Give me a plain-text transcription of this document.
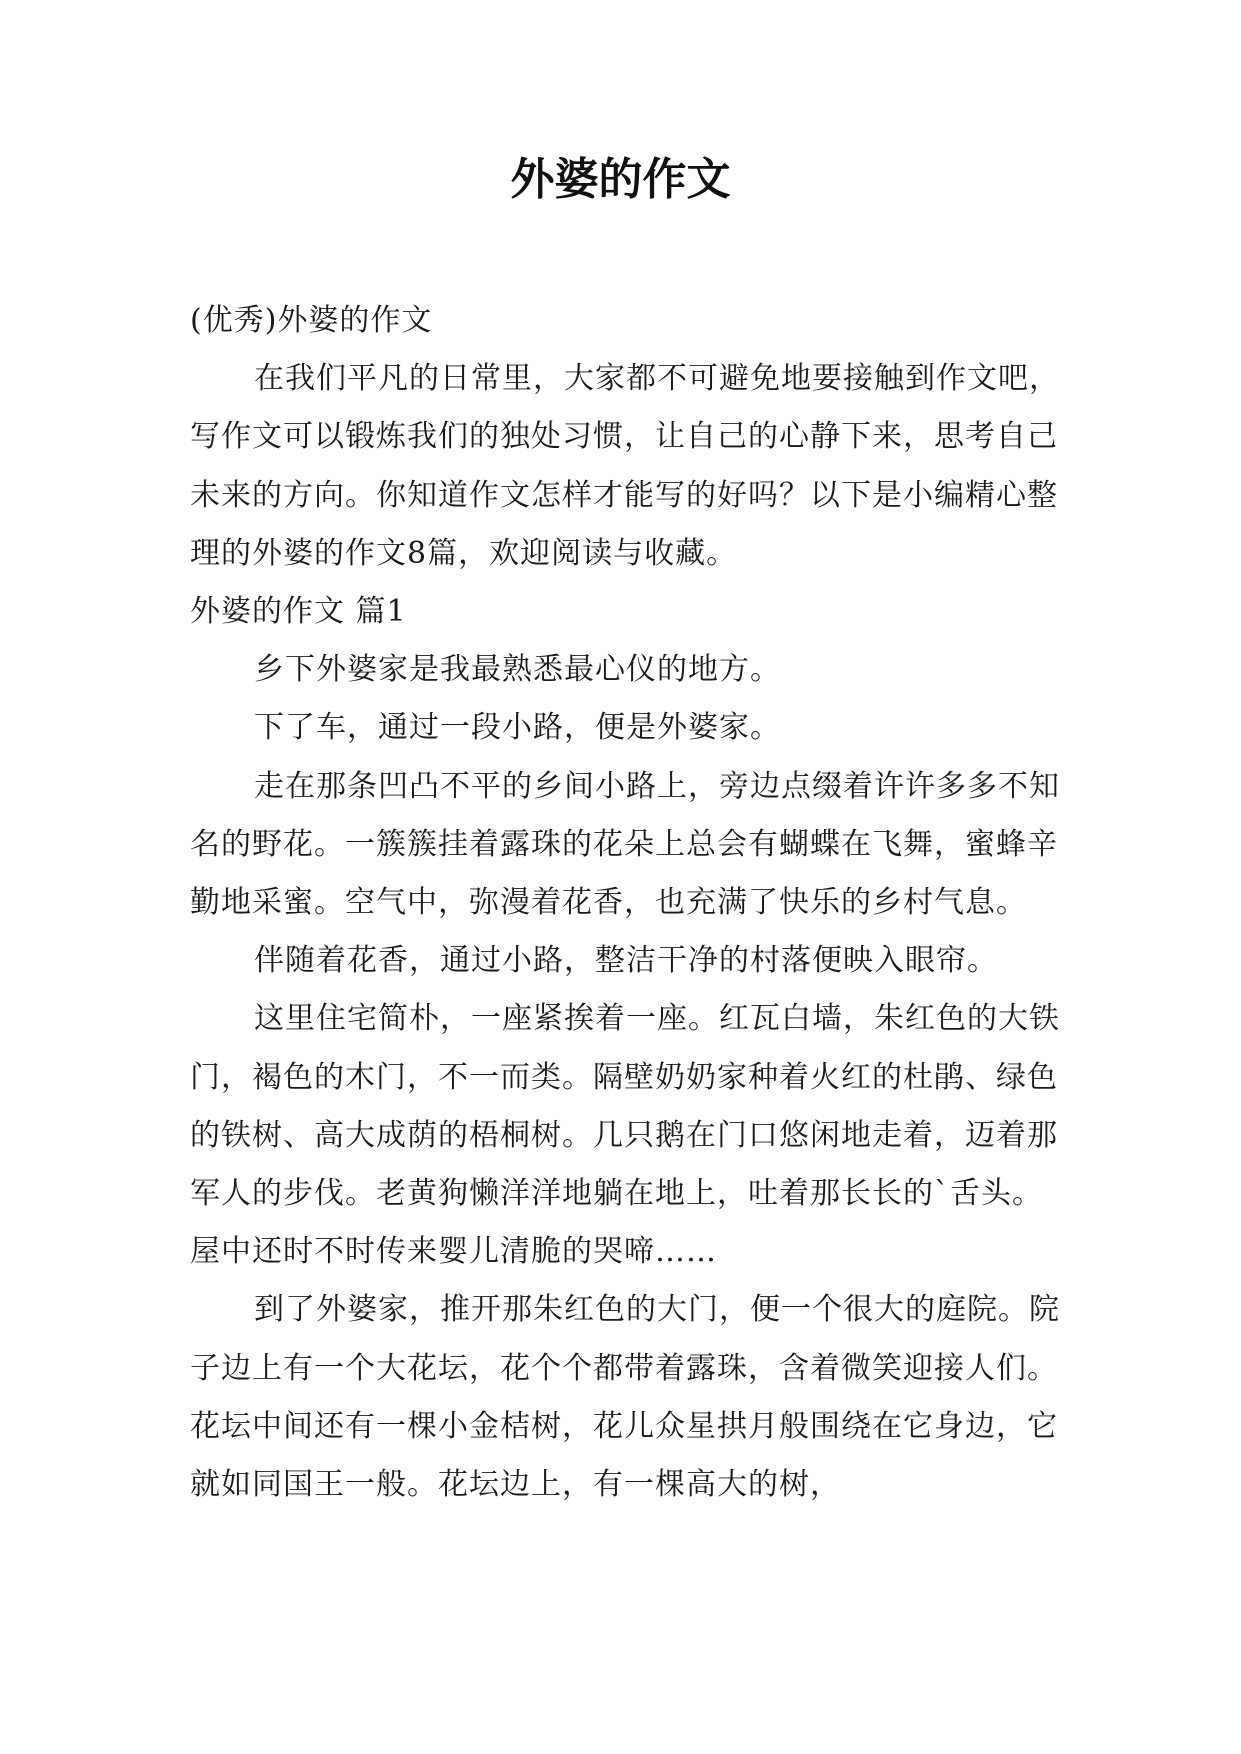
外婆的作文

(优秀)外婆的作文

在我们平凡的日常里，大家都不可避免地要接触到作文吧，写作文可以锻炼我们的独处习惯，让自己的心静下来，思考自己未来的方向。你知道作文怎样才能写的好吗？以下是小编精心整理的外婆的作文8篇，欢迎阅读与收藏。

外婆的作文 篇1

乡下外婆家是我最熟悉最心仪的地方。

下了车，通过一段小路，便是外婆家。

走在那条凹凸不平的乡间小路上，旁边点缀着许许多多不知名的野花。一簇簇挂着露珠的花朵上总会有蝴蝶在飞舞，蜜蜂辛勤地采蜜。空气中，弥漫着花香，也充满了快乐的乡村气息。

伴随着花香，通过小路，整洁干净的村落便映入眼帘。

这里住宅简朴，一座紧挨着一座。红瓦白墙，朱红色的大铁门，褐色的木门，不一而类。隔壁奶奶家种着火红的杜鹃、绿色的铁树、高大成荫的梧桐树。几只鹅在门口悠闲地走着，迈着那军人的步伐。老黄狗懒洋洋地躺在地上，吐着那长长的`舌头。屋中还时不时传来婴儿清脆的哭啼……

到了外婆家，推开那朱红色的大门，便一个很大的庭院。院子边上有一个大花坛，花个个都带着露珠，含着微笑迎接人们。花坛中间还有一棵小金桔树，花儿众星拱月般围绕在它身边，它就如同国王一般。花坛边上，有一棵高大的树，
